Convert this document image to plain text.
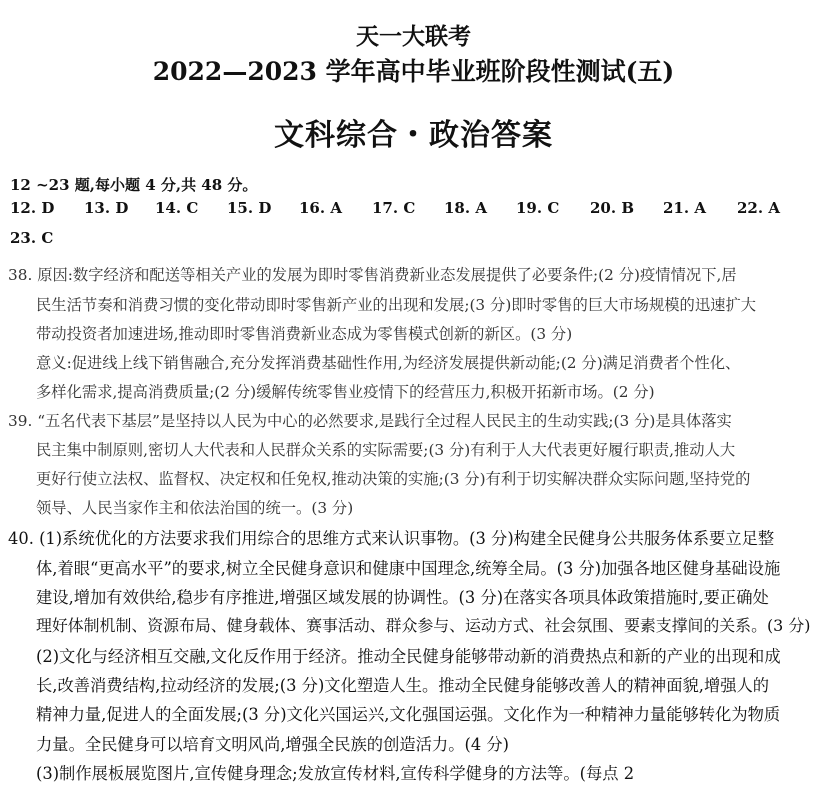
天一大联考
2022—2023 学年高中毕业班阶段性测试(五)
文科综合・政治答案
12 ~23 题,每小题 4 分,共 48 分。
12. D 13. D 14. C 15. D 16. A 17. C 18. A 19. C 20. B 21. A 22. A
23. C
38. 原因:数字经济和配送等相关产业的发展为即时零售消费新业态发展提供了必要条件;(2 分)疫情情况下,居
民生活节奏和消费习惯的变化带动即时零售新产业的出现和发展;(3 分)即时零售的巨大市场规模的迅速扩大
带动投资者加速进场,推动即时零售消费新业态成为零售模式创新的新区。(3 分)
意义:促进线上线下销售融合,充分发挥消费基础性作用,为经济发展提供新动能;(2 分)满足消费者个性化、
多样化需求,提高消费质量;(2 分)缓解传统零售业疫情下的经营压力,积极开拓新市场。(2 分)
39. “五名代表下基层”是坚持以人民为中心的必然要求,是践行全过程人民民主的生动实践;(3 分)是具体落实
民主集中制原则,密切人大代表和人民群众关系的实际需要;(3 分)有利于人大代表更好履行职责,推动人大
更好行使立法权、监督权、决定权和任免权,推动决策的实施;(3 分)有利于切实解决群众实际问题,坚持党的
领导、人民当家作主和依法治国的统一。(3 分)
40. (1)系统优化的方法要求我们用综合的思维方式来认识事物。(3 分)构建全民健身公共服务体系要立足整
体,着眼“更高水平”的要求,树立全民健身意识和健康中国理念,统筹全局。(3 分)加强各地区健身基础设施
建设,增加有效供给,稳步有序推进,增强区域发展的协调性。(3 分)在落实各项具体政策措施时,要正确处
理好体制机制、资源布局、健身载体、赛事活动、群众参与、运动方式、社会氛围、要素支撑间的关系。(3 分)
(2)文化与经济相互交融,文化反作用于经济。推动全民健身能够带动新的消费热点和新的产业的出现和成
长,改善消费结构,拉动经济的发展;(3 分)文化塑造人生。推动全民健身能够改善人的精神面貌,增强人的
精神力量,促进人的全面发展;(3 分)文化兴国运兴,文化强国运强。文化作为一种精神力量能够转化为物质
力量。全民健身可以培育文明风尚,增强全民族的创造活力。(4 分)
(3)制作展板展览图片,宣传健身理念;发放宣传材料,宣传科学健身的方法等。(每点 2
